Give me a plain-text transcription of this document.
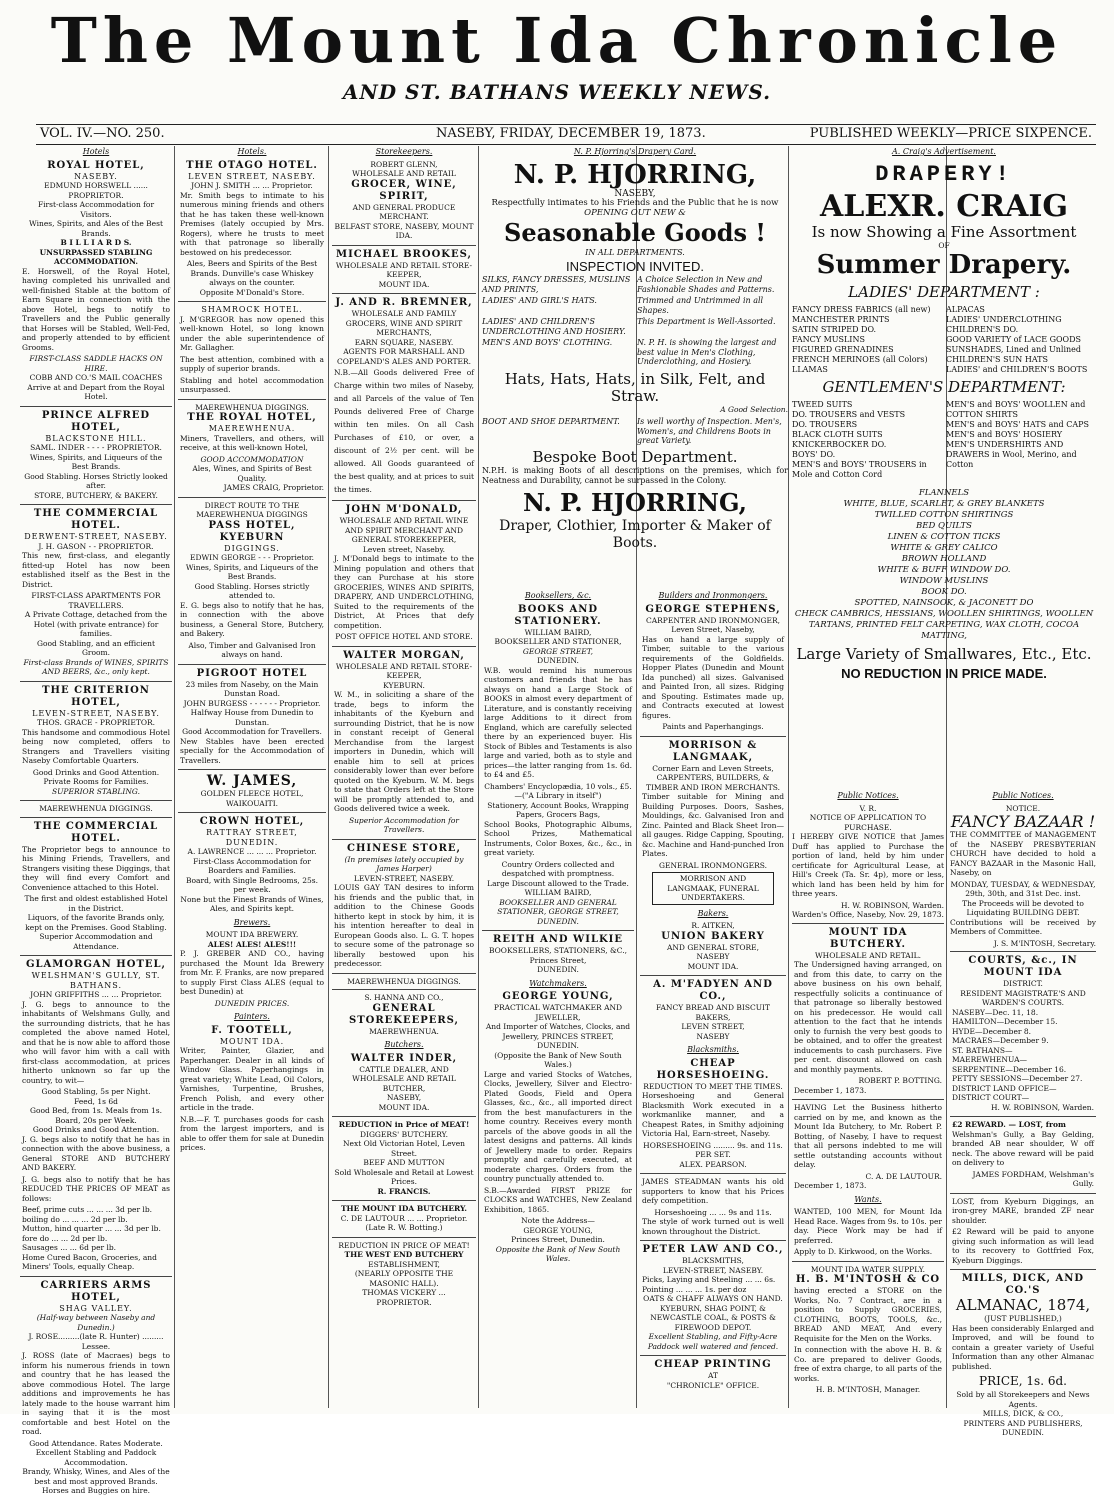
The Mount Ida Chronicle
AND ST. BATHANS WEEKLY NEWS.
VOL. IV.—NO. 250.	NASEBY, FRIDAY, DECEMBER 19, 1873.	PUBLISHED WEEKLY—PRICE SIXPENCE.
Hotels
ROYAL HOTEL,
NASEBY.
EDMUND HORSWELL ...... PROPRIETOR.
First-class Accommodation for Visitors.
Wines, Spirits, and Ales of the Best Brands.
B I L L I A R D S.
UNSURPASSED STABLING ACCOMMODATION.

E. Horswell, of the Royal Hotel, having completed his unrivalled and well-finished Stable at the bottom of Earn Square in connection with the above Hotel, begs to notify to Travellers and the Public generally that Horses will be Stabled, Well-Fed, and properly attended to by efficient Grooms.

FIRST-CLASS SADDLE HACKS ON HIRE.
COBB AND CO.'S MAIL COACHES Arrive at and Depart from the Royal Hotel.
PRINCE ALFRED HOTEL,
BLACKSTONE HILL.
SAML. INDER - - - - PROPRIETOR.
Wines, Spirits, and Liqueurs of the Best Brands.
Good Stabling. Horses Strictly looked after.
STORE, BUTCHERY, & BAKERY.
THE COMMERCIAL HOTEL.
DERWENT-STREET, NASEBY.
J. H. GASON - - PROPRIETOR.

This new, first-class, and elegantly fitted-up Hotel has now been established itself as the Best in the District.

FIRST-CLASS APARTMENTS FOR TRAVELLERS.
A Private Cottage, detached from the Hotel (with private entrance) for families.
Good Stabling, and an efficient Groom.
First-class Brands of WINES, SPIRITS AND BEERS, &c., only kept.
THE CRITERION HOTEL,
LEVEN-STREET, NASEBY.
THOS. GRACE - PROPRIETOR.

This handsome and commodious Hotel being now completed, offers to Strangers and Travellers visiting Naseby Comfortable Quarters.

Good Drinks and Good Attention. Private Rooms for Families.
SUPERIOR STABLING.
MAEREWHENUA DIGGINGS.
THE COMMERCIAL HOTEL.

The Proprietor begs to announce to his Mining Friends, Travellers, and Strangers visiting these Diggings, that they will find every Comfort and Convenience attached to this Hotel.

The first and oldest established Hotel in the District.
Liquors, of the favorite Brands only, kept on the Premises. Good Stabling.
Superior Accommodation and Attendance.
GLAMORGAN HOTEL,
WELSHMAN'S GULLY, ST. BATHANS.
JOHN GRIFFITHS ... ... Proprietor.

J. G. begs to announce to the inhabitants of Welshmans Gully, and the surrounding districts, that he has completed the above named Hotel, and that he is now able to afford those who will favor him with a call with first-class accommodation, at prices hitherto unknown so far up the country, to wit—

Good Stabling, 5s per Night.
Feed, 1s 6d
Good Bed, from 1s. Meals from 1s.
Board, 20s per Week.
Good Drinks and Good Attention.

J. G. begs also to notify that he has in connection with the above business, a General STORE AND BUTCHERY AND BAKERY.

J. G. begs also to notify that he has REDUCED THE PRICES OF MEAT as follows:

Beef, prime cuts ... ... ... 3d per lb.
boiling do ... ... ... 2d per lb.
Mutton, hind quarter ... ... 3d per lb.
fore do ... ... 2d per lb.
Sausages ... ... 6d per lb.
Home Cured Bacon, Groceries, and Miners' Tools, equally Cheap.
CARRIERS ARMS HOTEL,
SHAG VALLEY.
(Half-way between Naseby and Dunedin.)
J. ROSE.........(late R. Hunter) ......... Lessee.

J. ROSS (late of Macraes) begs to inform his numerous friends in town and country that he has leased the above commodious Hotel. The large additions and improvements he has lately made to the house warrant him in saying that it is the most comfortable and best Hotel on the road.

Good Attendance. Rates Moderate.
Excellent Stabling and Paddock Accommodation.
Brandy, Whisky, Wines, and Ales of the best and most approved Brands.
Horses and Buggies on hire.
Hotels.
THE OTAGO HOTEL.
LEVEN STREET, NASEBY.
JOHN J. SMITH ... ... Proprietor.

Mr. Smith begs to intimate to his numerous mining friends and others that he has taken these well-known Premises (lately occupied by Mrs. Rogers), where he trusts to meet with that patronage so liberally bestowed on his predecessor.

Ales, Beers and Spirits of the Best Brands. Dunville's case Whiskey always on the counter.
Opposite M'Donald's Store.
SHAMROCK HOTEL.

J. M'GREGOR has now opened this well-known Hotel, so long known under the able superintendence of Mr. Gallagher.

The best attention, combined with a supply of superior brands.

Stabling and hotel accommodation unsurpassed.

MAEREWHENUA DIGGINGS.
THE ROYAL HOTEL,
MAEREWHENUA.

Miners, Travellers, and others, will receive, at this well-known Hotel,

GOOD ACCOMMODATION
Ales, Wines, and Spirits of Best Quality.
JAMES CRAIG, Proprietor.
DIRECT ROUTE TO THE MAEREWHENUA DIGGINGS
PASS HOTEL, KYEBURN
DIGGINGS.
EDWIN GEORGE - - - Proprietor.
Wines, Spirits, and Liqueurs of the Best Brands.
Good Stabling. Horses strictly attended to.

E. G. begs also to notify that he has, in connection with the above business, a General Store, Butchery, and Bakery.

Also, Timber and Galvanised Iron always on hand.
PIGROOT HOTEL
23 miles from Naseby, on the Main Dunstan Road.
JOHN BURGESS - - - - - - Proprietor.
Halfway House from Dunedin to Dunstan.
Good Accommodation for Travellers.

New Stables have been erected specially for the Accommodation of Travellers.

W. JAMES,
GOLDEN FLEECE HOTEL,
WAIKOUAITI.
CROWN HOTEL,
RATTRAY STREET, DUNEDIN.
A. LAWRENCE ... ... ... Proprietor.
First-Class Accommodation for Boarders and Families.
Board, with Single Bedrooms, 25s. per week.
None but the Finest Brands of Wines, Ales, and Spirits kept.
Brewers.
MOUNT IDA BREWERY.
ALES! ALES! ALES!!!

P. J. GREBER AND CO., having purchased the Mount Ida Brewery from Mr. F. Franks, are now prepared to supply First Class ALES (equal to best Dunedin) at

DUNEDIN PRICES.
Painters.
F. TOOTELL,
MOUNT IDA.

Writer, Painter, Glazier, and Paperhanger. Dealer in all kinds of Window Glass. Paperhangings in great variety; White Lead, Oil Colors, Varnishes, Turpentine, Brushes, French Polish, and every other article in the trade.

N.B.—F. T. purchases goods for cash from the largest importers, and is able to offer them for sale at Dunedin prices.

Storekeepers.
ROBERT GLENN,
WHOLESALE AND RETAIL
GROCER, WINE, SPIRIT,
AND GENERAL PRODUCE MERCHANT.
BELFAST STORE, NASEBY, MOUNT IDA.
MICHAEL BROOKES,
WHOLESALE AND RETAIL STORE-KEEPER,
MOUNT IDA.
J. AND R. BREMNER,
WHOLESALE AND FAMILY GROCERS, WINE AND SPIRIT MERCHANTS,
EARN SQUARE, NASEBY.
AGENTS FOR MARSHALL AND COPELAND'S ALES AND PORTER.

N.B.—All Goods delivered Free of Charge within two miles of Naseby, and all Parcels of the value of Ten Pounds delivered Free of Charge within ten miles. On all Cash Purchases of £10, or over, a discount of 2½ per cent. will be allowed. All Goods guaranteed of the best quality, and at prices to suit the times.

JOHN M'DONALD,
WHOLESALE AND RETAIL WINE AND SPIRIT MERCHANT AND
GENERAL STOREKEEPER,
Leven street, Naseby.

J. M'Donald begs to intimate to the Mining population and others that they can Purchase at his store GROCERIES, WINES AND SPIRITS, DRAPERY, AND UNDERCLOTHING, Suited to the requirements of the District, At Prices that defy competition.

POST OFFICE HOTEL AND STORE.
WALTER MORGAN,
WHOLESALE AND RETAIL STORE-KEEPER,
KYEBURN.

W. M., in soliciting a share of the trade, begs to inform the inhabitants of the Kyeburn and surrounding District, that he is now in constant receipt of General Merchandise from the largest importers in Dunedin, which will enable him to sell at prices considerably lower than ever before quoted on the Kyeburn. W. M. begs to state that Orders left at the Store will be promptly attended to, and Goods delivered twice a week.

Superior Accommodation for Travellers.
CHINESE STORE,
(In premises lately occupied by James Harper)
LEVEN-STREET, NASEBY.

LOUIS GAY TAN desires to inform his friends and the public that, in addition to the Chinese Goods hitherto kept in stock by him, it is his intention hereafter to deal in European Goods also. L. G. T. hopes to secure some of the patronage so liberally bestowed upon his predecessor.

MAEREWHENUA DIGGINGS.
S. HANNA AND CO.,
GENERAL STOREKEEPERS,
MAEREWHENUA.
Butchers.
WALTER INDER,
CATTLE DEALER, AND WHOLESALE AND RETAIL BUTCHER,
NASEBY,
MOUNT IDA.
REDUCTION in Price of MEAT!
DIGGERS' BUTCHERY.
Next Old Victorian Hotel, Leven Street.
BEEF AND MUTTON
Sold Wholesale and Retail at Lowest Prices.
R. FRANCIS.
THE MOUNT IDA BUTCHERY.
C. DE LAUTOUR ... ... Proprietor.
(Late R. W. Botting.)
REDUCTION IN PRICE OF MEAT!
THE WEST END BUTCHERY
ESTABLISHMENT,
(NEARLY OPPOSITE THE MASONIC HALL).
THOMAS VICKERY ... PROPRIETOR.
N. P. Hjorring's Drapery Card.
N. P. HJORRING,
NASEBY,
Respectfully intimates to his Friends and the Public that he is now
OPENING OUT NEW &
Seasonable Goods !
IN ALL DEPARTMENTS.
INSPECTION INVITED.
SILKS, FANCY DRESSES, MUSLINS AND PRINTS,
A Choice Selection in New and Fashionable Shades and Patterns.
LADIES' AND GIRL'S HATS.	Trimmed and Untrimmed in all Shapes.
LADIES' AND CHILDREN'S UNDERCLOTHING AND HOSIERY.
This Department is Well-Assorted.
MEN'S AND BOYS' CLOTHING.	N. P. H. is showing the largest and best value in Men's Clothing, Underclothing, and Hosiery.
Hats, Hats, Hats, in Silk, Felt, and Straw.
A Good Selection.
BOOT AND SHOE DEPARTMENT.	Is well worthy of Inspection. Men's, Women's, and Childrens Boots in great Variety.
Bespoke Boot Department.

N.P.H. is making Boots of all descriptions on the premises, which for Neatness and Durability, cannot be surpassed in the Colony.

N. P. HJORRING,
Draper, Clothier, Importer & Maker of Boots.
Booksellers, &c.
BOOKS AND STATIONERY.
WILLIAM BAIRD,
BOOKSELLER AND STATIONER,
GEORGE STREET,
DUNEDIN.

W.B. would remind his numerous customers and friends that he has always on hand a Large Stock of BOOKS in almost every department of Literature, and is constantly receiving large Additions to it direct from England, which are carefully selected there by an experienced buyer. His Stock of Bibles and Testaments is also large and varied, both as to style and prices—the latter ranging from 1s. 6d. to £4 and £5.

Chambers' Encyclopædia, 10 vols., £5.—("A Library in itself")
Stationery, Account Books, Wrapping Papers, Grocers Bags,

School Books, Photographic Albums, School Prizes, Mathematical Instruments, Color Boxes, &c., &c., in great variety.

Country Orders collected and despatched with promptness.
Large Discount allowed to the Trade.
WILLIAM BAIRD,
BOOKSELLER AND GENERAL STATIONER, GEORGE STREET, DUNEDIN.
REITH AND WILKIE
BOOKSELLERS, STATIONERS, &C.,
Princes Street,
DUNEDIN.
Watchmakers.
GEORGE YOUNG,
PRACTICAL WATCHMAKER AND JEWELLER,
And Importer of Watches, Clocks, and Jewellery, PRINCES STREET, DUNEDIN.
(Opposite the Bank of New South Wales.)

Large and varied Stocks of Watches, Clocks, Jewellery, Silver and Electro-Plated Goods, Field and Opera Glasses, &c., &c., all imported direct from the best manufacturers in the home country. Receives every month parcels of the above goods in all the latest designs and patterns. All kinds of Jewellery made to order. Repairs promptly and carefully executed, at moderate charges. Orders from the country punctually attended to.

S.B.—Awarded FIRST PRIZE for CLOCKS and WATCHES, New Zealand Exhibition, 1865.

Note the Address—
GEORGE YOUNG,
Princes Street, Dunedin.
Opposite the Bank of New South Wales.
Builders and Ironmongers.
GEORGE STEPHENS,
CARPENTER AND IRONMONGER,
Leven Street, Naseby,

Has on hand a large supply of Timber, suitable to the various requirements of the Goldfields. Hopper Plates (Dunedin and Mount Ida punched) all sizes. Galvanised and Painted Iron, all sizes. Ridging and Spouting. Estimates made up, and Contracts executed at lowest figures.

Paints and Paperhangings.
MORRISON & LANGMAAK,
Corner Earn and Leven Streets,
CARPENTERS, BUILDERS, & TIMBER AND IRON MERCHANTS.

Timber suitable for Mining and Building Purposes. Doors, Sashes, Mouldings, &c. Galvanised Iron and Zinc. Painted and Black Sheet Iron—all gauges. Ridge Capping, Spouting, &c. Machine and Hand-punched Iron Plates.

GENERAL IRONMONGERS.
MORRISON AND LANGMAAK, FUNERAL UNDERTAKERS.
Bakers.
R. AITKEN,
UNION BAKERY
AND GENERAL STORE,
NASEBY
MOUNT IDA.
A. M'FADYEN AND CO.,
FANCY BREAD AND BISCUIT
BAKERS,
LEVEN STREET,
NASEBY
Blacksmiths.
CHEAP HORSESHOEING.
REDUCTION TO MEET THE TIMES.

Horseshoeing and General Blacksmith Work executed in a workmanlike manner, and a Cheapest Rates, in Smithy adjoining Victoria Hal, Earn-street, Naseby.

HORSESHOEING ......... 9s. and 11s. PER SET.
ALEX. PEARSON.

JAMES STEADMAN wants his old supporters to know that his Prices defy competition.

Horseshoeing ... ... 9s and 11s.

The style of work turned out is well known throughout the District.

PETER LAW AND CO.,
BLACKSMITHS,
LEVEN-STREET, NASEBY.
Picks, Laying and Steeling ... ... 6s.
Pointing ... ... ... 1s. per doz
OATS & CHAFF ALWAYS ON HAND.
KYEBURN, SHAG POINT, & NEWCASTLE COAL, & POSTS & FIREWOOD DEPOT.
Excellent Stabling, and Fifty-Acre Paddock well watered and fenced.
CHEAP PRINTING
AT
"CHRONICLE" OFFICE.
A. Craig's Advertisement.
DRAPERY!
ALEXR. CRAIG
Is now Showing a Fine Assortment
OF
Summer Drapery.
LADIES' DEPARTMENT :
FANCY DRESS FABRICS (all new)
MANCHESTER PRINTS
SATIN STRIPED DO.
FANCY MUSLINS
FIGURED GRENADINES
FRENCH MERINOES (all Colors)
LLAMAS
ALPACAS
LADIES' UNDERCLOTHING
CHILDREN'S DO.
GOOD VARIETY of LACE GOODS
SUNSHADES, Lined and Unlined
CHILDREN'S SUN HATS
LADIES' and CHILDREN'S BOOTS
GENTLEMEN'S DEPARTMENT:
TWEED SUITS
DO. TROUSERS and VESTS
DO. TROUSERS
BLACK CLOTH SUITS
KNICKERBOCKER DO.
BOYS' DO.
MEN'S and BOYS' TROUSERS in Mole and Cotton Cord
MEN'S and BOYS' WOOLLEN and COTTON SHIRTS
MEN'S and BOYS' HATS and CAPS
MEN'S and BOYS' HOSIERY
MEN'S UNDERSHIRTS AND DRAWERS in Wool, Merino, and Cotton
FLANNELS
WHITE, BLUE, SCARLET, & GREY BLANKETS
TWILLED COTTON SHIRTINGS
BED QUILTS
LINEN & COTTON TICKS
WHITE & GREY CALICO
BROWN HOLLAND
WHITE & BUFF WINDOW DO.
WINDOW MUSLINS
BOOK DO.
SPOTTED, NAINSOOK, & JACONETT DO
CHECK CAMBRICS, HESSIANS, WOOLLEN SHIRTINGS, WOOLLEN TARTANS, PRINTED FELT CARPETING, WAX CLOTH, COCOA MATTING,
Large Variety of Smallwares, Etc., Etc.
NO REDUCTION IN PRICE MADE.
Public Notices.
V. R.
NOTICE OF APPLICATION TO PURCHASE.

I HEREBY GIVE NOTICE that James Duff has applied to Purchase the portion of land, held by him under certificate for Agricultural Lease, at Hill's Creek (Ta. Sr. 4p), more or less, which land has been held by him for three years.

H. W. ROBINSON, Warden.
Warden's Office, Naseby, Nov. 29, 1873.
MOUNT IDA BUTCHERY.
WHOLESALE AND RETAIL.

The Undersigned having arranged, on and from this date, to carry on the above business on his own behalf, respectfully solicits a continuance of that patronage so liberally bestowed on his predecessor. He would call attention to the fact that he intends only to furnish the very best goods to be obtained, and to offer the greatest inducements to cash purchasers. Five per cent. discount allowed on cash and monthly payments.

ROBERT P. BOTTING.
December 1, 1873.

HAVING Let the Business hitherto carried on by me, and known as the Mount Ida Butchery, to Mr. Robert P. Botting, of Naseby, I have to request that all persons indebted to me will settle outstanding accounts without delay.

C. A. DE LAUTOUR.
December 1, 1873.
Wants.

WANTED, 100 MEN, for Mount Ida Head Race. Wages from 9s. to 10s. per day. Piece Work may be had if preferred.

Apply to D. Kirkwood, on the Works.
MOUNT IDA WATER SUPPLY.
H. B. M'INTOSH & CO

having erected a STORE on the Works, No. 7 Contract, are in a position to Supply GROCERIES, CLOTHING, BOOTS, TOOLS, &c., BREAD AND MEAT, And every Requisite for the Men on the Works.

In connection with the above H. B. & Co. are prepared to deliver Goods, free of extra charge, to all parts of the works.

H. B. M'INTOSH, Manager.
Public Notices.
NOTICE.
FANCY BAZAAR !

THE COMMITTEE of MANAGEMENT of the NASEBY PRESBYTERIAN CHURCH have decided to hold a FANCY BAZAAR in the Masonic Hall, Naseby, on

MONDAY, TUESDAY, & WEDNESDAY, 29th, 30th, and 31st Dec. inst.
The Proceeds will be devoted to Liquidating BUILDING DEBT.

Contributions will be received by Members of Committee.

J. S. M'INTOSH, Secretary.
COURTS, &c., IN MOUNT IDA
DISTRICT.
RESIDENT MAGISTRATE'S AND WARDEN'S COURTS.
NASEBY—Dec. 11, 18.
HAMILTON—December 15.
HYDE—December 8.
MACRAES—December 9.
ST. BATHANS—
MAEREWHENUA—
SERPENTINE—December 16.
PETTY SESSIONS—December 27.
DISTRICT LAND OFFICE—
DISTRICT COURT—
H. W. ROBINSON, Warden.
£2 REWARD. — LOST, from

Welshman's Gully, a Bay Gelding, branded AB near shoulder, W off neck. The above reward will be paid on delivery to

JAMES FORDHAM, Welshman's Gully.

LOST, from Kyeburn Diggings, an iron-grey MARE, branded ZF near shoulder.

£2 Reward will be paid to anyone giving such information as will lead to its recovery to Gottfried Fox, Kyeburn Diggings.

MILLS, DICK, AND CO.'S
ALMANAC, 1874,
(JUST PUBLISHED,)

Has been considerably Enlarged and Improved, and will be found to contain a greater variety of Useful Information than any other Almanac published.

PRICE, 1s. 6d.
Sold by all Storekeepers and News Agents.
MILLS, DICK, & CO.,
PRINTERS AND PUBLISHERS,
DUNEDIN.
